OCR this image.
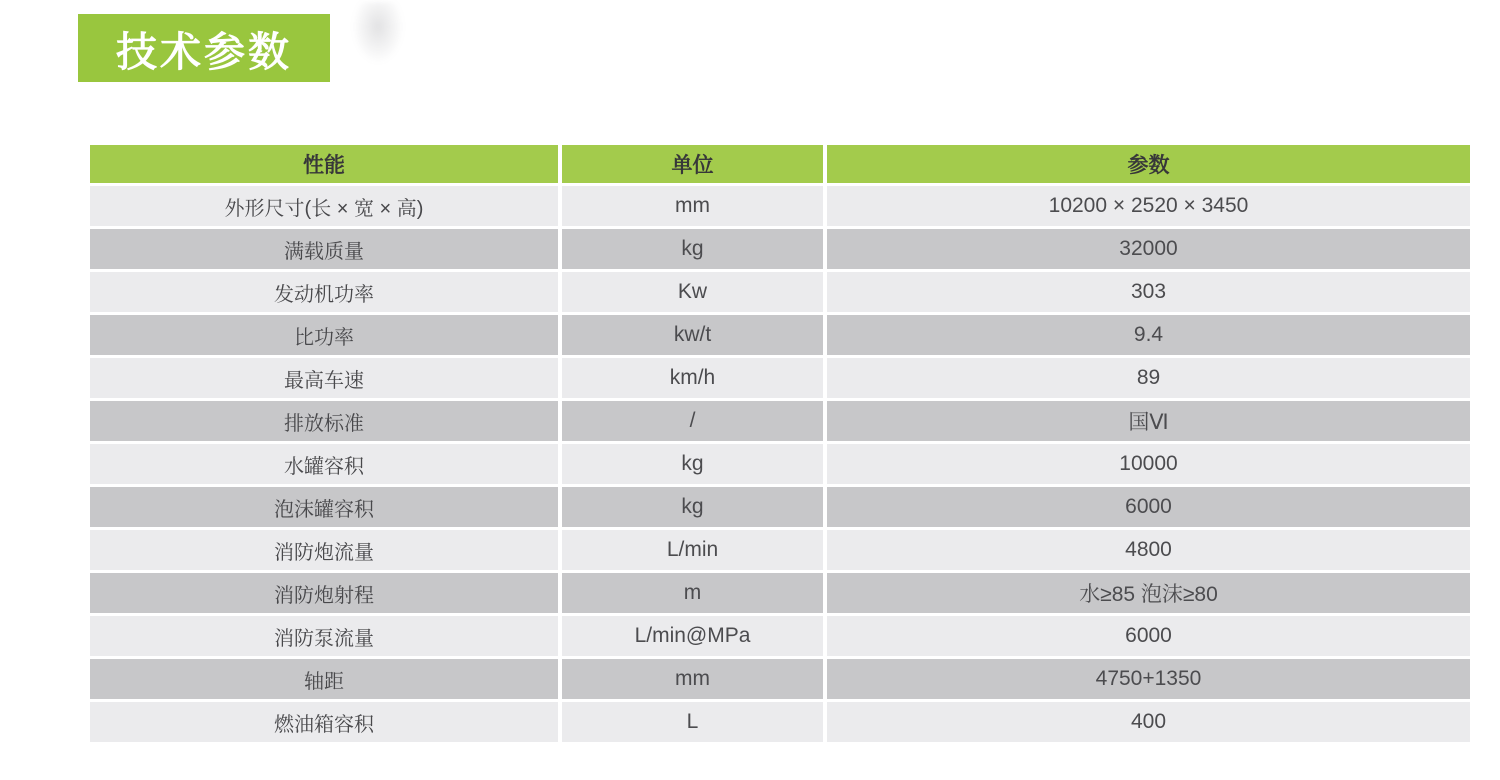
技术参数
性能	单位	参数
外形尺寸(长 × 宽 × 高)	mm	10200 × 2520 × 3450
满载质量	kg	32000
发动机功率	Kw	303
比功率	kw/t	9.4
最高车速	km/h	89
排放标准	/	国Ⅵ
水罐容积	kg	10000
泡沫罐容积	kg	6000
消防炮流量	L/min	4800
消防炮射程	m	水≥85 泡沫≥80
消防泵流量	L/min@MPa	6000
轴距	mm	4750+1350
燃油箱容积	L	400
